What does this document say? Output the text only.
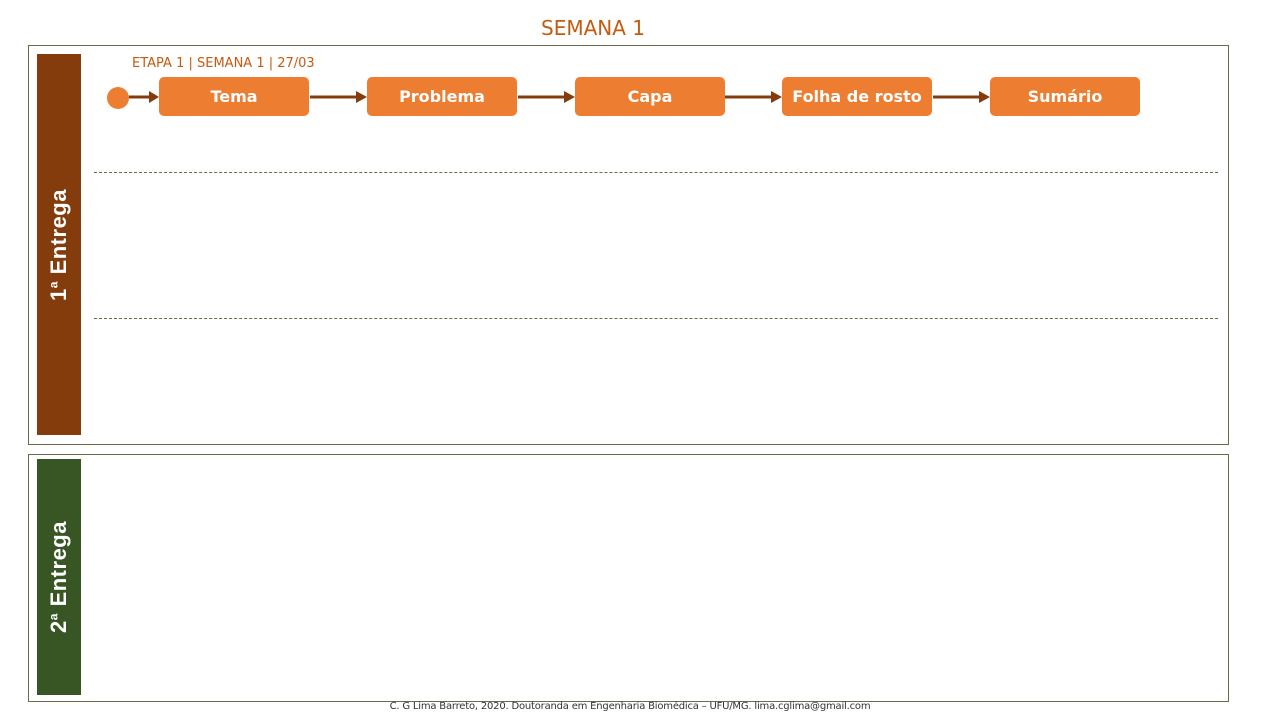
SEMANA 1
1$^a$ Entrega
ETAPA 1 | SEMANA 1 | 27/03
Tema	Problema	Capa	Folha de rosto	Sumário
2$^a$ Entrega
C. G Lima Barreto, 2020. Doutoranda em Engenharia Biomédica – UFU/MG. lima.cglima@gmail.com
